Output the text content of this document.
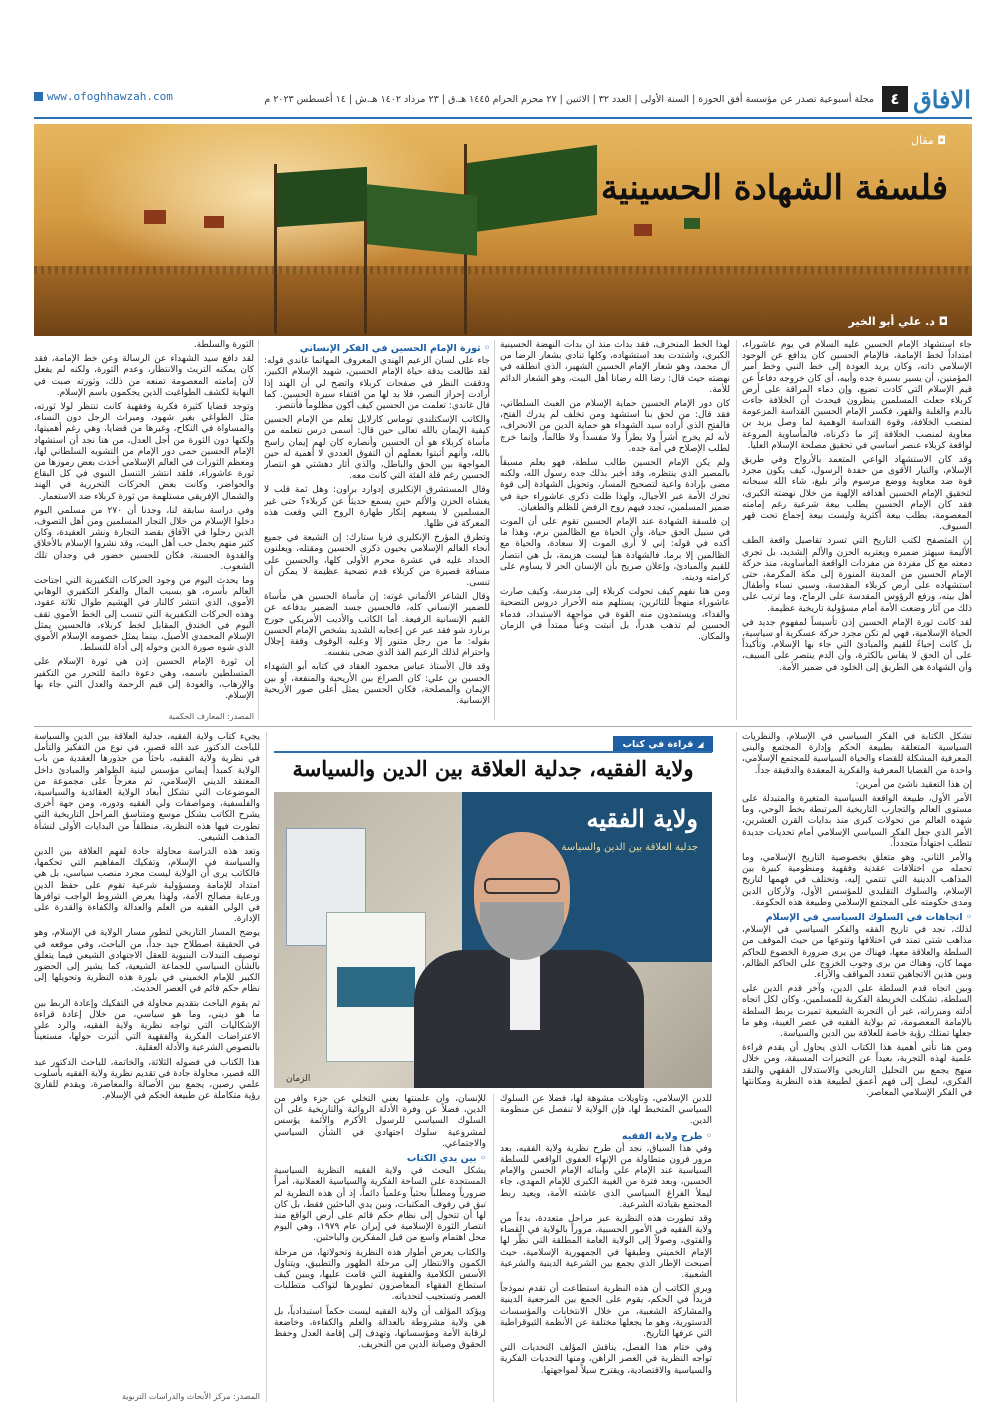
الافاق
٤
مجلة أسبوعية تصدر عن مؤسسة أفق الحوزة | السنة الأولى | العدد ٣٢ | الاثنين | ٢٧ محرم الحرام ١٤٤٥ هـ.ق | ٢٣ مرداد ١٤٠٢ هـ.ش | ١٤ أغسطس ٢٠٢٣ م
www.ofoghhawzah.com
◘ مقال
فلسفة الشهادة الحسينية
◘ د. علي أبو الخير

جاء استشهاد الإمام الحسين عليه السلام في يوم عاشوراء، امتداداً لخط الإمامة، فالإمام الحسين كان يدافع عن الوجود الإسلامي ذاته، وكان يريد العودة إلى خط النبي وخط أمير المؤمنين، أن يسير بسيرة جده وأبيه، أي كان خروجه دفاعاً عن قيم الإسلام التي كادت تضيع، وإن دماء المراقة على أرض كربلاء جعلت المسلمين ينظرون فيحدث أن الخلافة جاءت بالدم والغلبة والقهر، فكسر الإمام الحسين القداسة المزعومة لمنصب الخلافة، وقوة القداسة الوهمية لما وصل يزيد بن معاوية لمنصب الخلافة إثر ما ذكرناه، فالمأساوية المروعة لواقعة كربلاء عنصر أساسي في تحقيق مصلحة الإسلام العليا.

وقد كان الاستشهاد الواعي المتعمد بالأرواح وفي طريق الإسلام، والتيار الأقوى من حفدة الرسول، كيف يكون مجرد قوة ضد معاوية ووضع مرسوم وأثر بليغ، شاء الله سبحانه لتحقيق الإمام الحسين أهدافه الإلهية من خلال نهضته الكبرى، فقد كان الإمام الحسين يطلب بيعة شرعية رغم إمامته المعصومة، بطلب بيعة أكثرية وليست بيعة إجماع تحت قهر السيوف.

إن المتصفح لكتب التاريخ التي تسرد تفاصيل واقعة الطف الأليمة سيهتز ضميره ويعتريه الحزن والألم الشديد، بل تجري دمعته مع كل مفردة من مفردات الواقعة المأساوية، منذ حركة الإمام الحسين من المدينة المنورة إلى مكة المكرمة، حتى استشهاده على أرض كربلاء المقدسة، وسبي نساء وأطفال أهل بيته، ورفع الرؤوس المقدسة على الرماح، وما ترتب على ذلك من آثار وضعت الأمة أمام مسؤولية تاريخية عظيمة.

لقد كانت ثورة الإمام الحسين إذن تأسيساً لمفهوم جديد في الحياة الإسلامية، فهي لم تكن مجرد حركة عسكرية أو سياسية، بل كانت إحياءً للقيم والمبادئ التي جاء بها الإسلام، وتأكيداً على أن الحق لا يقاس بالكثرة، وأن الدم ينتصر على السيف، وأن الشهادة هي الطريق إلى الخلود في ضمير الأمة.

لهذا الخط المنحرف، فقد بدأت منذ أن بدأت النهضة الحسينية الكبرى، واشتدت بعد استشهاده، وكلها تنادي بشعار الرضا من آل محمد، وهو شعار الإمام الحسين الشهير، الذي انطلقه في نهضته حيث قال: رضا الله رضانا أهل البيت، وهو الشعار الدائم للأمة.

كان دور الإمام الحسين حماية الإسلام من العبث السلطاني، فقد قال: من لحق بنا استشهد ومن تخلف لم يدرك الفتح، فالفتح الذي أراده سيد الشهداء هو حماية الدين من الانحراف، لأنه لم يخرج أشراً ولا بطراً ولا مفسداً ولا ظالماً، وإنما خرج لطلب الإصلاح في أمة جده.

ولم يكن الإمام الحسين طالب سلطة، فهو يعلم مسبقاً بالمصير الذي ينتظره، وقد أخبر بذلك جده رسول الله، ولكنه مضى بإرادة واعية لتصحيح المسار، وتحويل الشهادة إلى قوة تحرك الأمة عبر الأجيال، ولهذا ظلت ذكرى عاشوراء حية في ضمير المسلمين، تجدد فيهم روح الرفض للظلم والطغيان.

إن فلسفة الشهادة عند الإمام الحسين تقوم على أن الموت في سبيل الحق حياة، وأن الحياة مع الظالمين برم، وهذا ما أكده في قوله: إني لا أرى الموت إلا سعادة، والحياة مع الظالمين إلا برما، فالشهادة هنا ليست هزيمة، بل هي انتصار للقيم والمبادئ، وإعلان صريح بأن الإنسان الحر لا يساوم على كرامته ودينه.

ومن هنا نفهم كيف تحولت كربلاء إلى مدرسة، وكيف صارت عاشوراء منهجاً للثائرين، يستلهم منه الأحرار دروس التضحية والفداء، ويستمدون منه القوة في مواجهة الاستبداد، فدماء الحسين لم تذهب هدراً، بل أنبتت وعياً ممتداً في الزمان والمكان.

◦ ثورة الإمام الحسين في الفكر الإنساني

جاء على لسان الزعيم الهندي المعروف المهاتما غاندي قوله: لقد طالعت بدقة حياة الإمام الحسين، شهيد الإسلام الكبير، ودققت النظر في صفحات كربلاء واتضح لي أن الهند إذا أرادت إحراز النصر، فلا بد لها من اقتفاء سيرة الحسين. كما قال غاندي: تعلمت من الحسين كيف أكون مظلوماً فأنتصر.

والكاتب الإسكتلندي توماس كارلايل تعلم من الإمام الحسين كيفية الإيمان بالله تعالى حين قال: أسمى درس نتعلمه من مأساة كربلاء هو أن الحسين وأنصاره كان لهم إيمان راسخ بالله، وأنهم أثبتوا بعملهم أن التفوق العددي لا أهمية له حين المواجهة بين الحق والباطل، والذي أثار دهشتي هو انتصار الحسين رغم قلة الفئة التي كانت معه.

وقال المستشرق الإنكليزي إدوارد براون: وهل ثمة قلب لا يغشاه الحزن والألم حين يسمع حديثاً عن كربلاء؟ حتى غير المسلمين لا يسعهم إنكار طهارة الروح التي وقعت هذه المعركة في ظلها.

وتطرق المؤرخ الإنكليزي فريا ستارك: إن الشيعة في جميع أنحاء العالم الإسلامي يحيون ذكرى الحسين ومقتله، ويعلنون الحداد عليه في عشرة محرم الأولى كلها، والحسين على مسافة قصيرة من كربلاء قدم تضحية عظيمة لا يمكن أن تنسى.

وقال الشاعر الألماني غوته: إن مأساة الحسين هي مأساة للضمير الإنساني كله، فالحسين جسد الضمير بدفاعه عن القيم الإنسانية الرفيعة. أما الكاتب والأديب الأمريكي جورج برنارد شو فقد عبر عن إعجابه الشديد بشخص الإمام الحسين بقوله: ما من رجل متنور إلا وعليه الوقوف وقفة إجلال واحترام لذلك الزعيم الفذ الذي ضحى بنفسه.

وقد قال الأستاذ عباس محمود العقاد في كتابه أبو الشهداء الحسين بن علي: كان الصراع بين الأريحية والمنفعة، أو بين الإيمان والمصلحة، فكان الحسين يمثل أعلى صور الأريحية الإنسانية.

الثورة والسلطة.

لقد دافع سيد الشهداء عن الرسالة وعن خط الإمامة، فقد كان يمكنه التريث والانتظار، وعدم الثورة، ولكنه لم يفعل لأن إمامته المعصومة تمنعه من ذلك، وثورته صبت في النهاية لكشف الطواغيت الذين يحكمون باسم الإسلام.

وتوجد قضايا كثيرة فكرية وفقهية كانت تنتظر لولا ثورته، مثل الطواغي بغير شهود، وميراث الرجل دون النساء، والمساواة في النكاح، وغيرها من قضايا، وهي رغم أهميتها، ولكنها دون الثورة من أجل العدل، من هنا نجد أن استشهاد الإمام الحسين حمى دور الإمام من التشويه السلطاني لها، ومعظم الثورات في العالم الإسلامي أخذت بعض رموزها من ثورة عاشوراء، فلقد انتشر التنسل النبوي في كل البقاع والحواضر، وكانت بعض الحركات التحررية في الهند والشمال الإفريقي مستلهمة من ثورة كربلاء ضد الاستعمار.

وفي دراسة سابقة لنا، وجدنا أن ٢٧٠ من مسلمي اليوم دخلوا الإسلام من خلال التجار المسلمين ومن أهل التصوف، الذين رحلوا في الآفاق بقصد التجارة ونشر العقيدة، وكان كثير منهم يحمل حب أهل البيت، وقد نشروا الإسلام بالأخلاق والقدوة الحسنة، فكان للحسين حضور في وجدان تلك الشعوب.

وما يحدث اليوم من وجود الحركات التكفيرية التي اجتاحت العالم بأسره، هو بسبب المال والفكر التكفيري الوهابي الأموي، الذي انتشر كالنار في الهشيم طوال ثلاثة عقود، وهذه الحركات التكفيرية التي تنسب إلى الخط الأموي تقف اليوم في الخندق المقابل لخط كربلاء، فالحسين يمثل الإسلام المحمدي الأصيل، بينما يمثل خصومه الإسلام الأموي الذي شوه صورة الدين وحوله إلى أداة للتسلط.

إن ثورة الإمام الحسين إذن هي ثورة الإسلام على المتسلطين باسمه، وهي دعوة دائمة للتحرر من التكفير والإرهاب، والعودة إلى قيم الرحمة والعدل التي جاء بها الإسلام.

المصدر: المعارف الحكمية

تشكل الكتابة في الفكر السياسي في الإسلام، والنظريات السياسية المتعلقة بطبيعة الحكم وإدارة المجتمع والبنى المعرفية المشكلة للقضاء والحياة السياسية للمجتمع الإسلامي، واحدة من القضايا المعرفية والفكرية المعقدة والدقيقة جداً.

إن هذا التعقيد ناشئ من أمرين:

الأمر الأول، طبيعة الواقعة السياسية المتغيرة والمتبدلة على مستوى العالم والتجارب التاريخية المرتبطة بخط الوحي، وما شهده العالم من تحولات كبرى منذ بدايات القرن العشرين، الأمر الذي جعل الفكر السياسي الإسلامي أمام تحديات جديدة تتطلب اجتهاداً متجدداً.

والأمر الثاني، وهو متعلق بخصوصية التاريخ الإسلامي، وما تحمله من اختلافات عقدية وفقهية ومنظومية كبيرة بين المذاهب الدينية التي تنتمي إليه، وتختلف في فهمها لتاريخ الإسلام، والسلوك التقليدي للمؤسس الأول، ولأركان الدين ومدى حكومته على المجتمع الإسلامي وطبيعة هذه الحكومة.

◦ اتجاهات في السلوك السياسي في الإسلام

لذلك، نجد في تاريخ الفقه والفكر السياسي في الإسلام، مذاهب شتى تمتد في اختلافها وتنوعها من حيث الموقف من السلطة والعلاقة معها، فهناك من يرى ضرورة الخضوع للحاكم مهما كان، وهناك من يرى وجوب الخروج على الحاكم الظالم، وبين هذين الاتجاهين تتعدد المواقف والآراء.

وبين اتجاه قدم السلطة على الدين، وآخر قدم الدين على السلطة، تشكلت الخريطة الفكرية للمسلمين، وكان لكل اتجاه أدلته ومبرراته، غير أن التجربة الشيعية تميزت بربط السلطة بالإمامة المعصومة، ثم بولاية الفقيه في عصر الغيبة، وهو ما جعلها تمتلك رؤية خاصة للعلاقة بين الدين والسياسة.

ومن هنا تأتي أهمية هذا الكتاب الذي يحاول أن يقدم قراءة علمية لهذه التجربة، بعيداً عن التحيزات المسبقة، ومن خلال منهج يجمع بين التحليل التاريخي والاستدلال الفقهي والنقد الفكري، ليصل إلى فهم أعمق لطبيعة هذه النظرية ومكانتها في الفكر الإسلامي المعاصر.

◢
قراءة في كتاب
ولاية الفقيه، جدلية العلاقة بين الدين والسياسة
ولاية الفقيه
جدلية العلاقة بين الدين والسياسة
الزمان

للدين الإسلامي، وتأويلات مشوهة لها، فضلاً عن السلوك السياسي المتخبط لها، فإن الولاية لا تنفصل عن منظومة الدين.

◦ طرح ولاية الفقيه

وفي هذا السياق، نجد أن طرح نظرية ولاية الفقيه، بعد مرور قرون متطاولة من الإنهاء العفوي الواقعي للسلطة السياسية عند الإمام علي وأبنائه الإمام الحسن والإمام الحسين، وبعد فترة من الغيبة الكبرى للإمام المهدي، جاء ليملأ الفراغ السياسي الذي عاشته الأمة، ويعيد ربط المجتمع بقيادته الشرعية.

وقد تطورت هذه النظرية عبر مراحل متعددة، بدءاً من ولاية الفقيه في الأمور الحسبية، مروراً بالولاية في القضاء والفتوى، وصولاً إلى الولاية العامة المطلقة التي نظّر لها الإمام الخميني وطبقها في الجمهورية الإسلامية، حيث أصبحت الإطار الذي يجمع بين الشرعية الدينية والشرعية الشعبية.

ويرى الكاتب أن هذه النظرية استطاعت أن تقدم نموذجاً فريداً في الحكم، يقوم على الجمع بين المرجعية الدينية والمشاركة الشعبية، من خلال الانتخابات والمؤسسات الدستورية، وهو ما يجعلها مختلفة عن الأنظمة الثيوقراطية التي عرفها التاريخ.

وفي ختام هذا الفصل، يناقش المؤلف التحديات التي تواجه النظرية في العصر الراهن، ومنها التحديات الفكرية والسياسية والاقتصادية، ويقترح سبلاً لمواجهتها.

للإنسان، وأن علمنتها يعني التخلي عن جزء وافر من الدين، فضلاً عن وفرة الأدلة الروائية والتاريخية على أن السلوك السياسي للرسول الأكرم والأئمة يؤسس لمشروعية سلوك اجتهادي في الشأن السياسي والاجتماعي.

◦ بين يدي الكتاب

يشكل البحث في ولاية الفقيه النظرية السياسية المستجدة على الساحة الفكرية والسياسية العملانية، أمراً ضرورياً ومطلباً بحثياً وعلمياً دائماً، إذ أن هذه النظرية لم تبق في رفوف المكتبات، وبين يدي الباحثين فقط، بل كان لها أن تتحول إلى نظام حكم قائم على أرض الواقع منذ انتصار الثورة الإسلامية في إيران عام ١٩٧٩، وهي اليوم محل اهتمام واسع من قبل المفكرين والباحثين.

والكتاب يعرض أطوار هذه النظرية وتحولاتها، من مرحلة الكمون والانتظار إلى مرحلة الظهور والتطبيق، ويتناول الأسس الكلامية والفقهية التي قامت عليها، ويبين كيف استطاع الفقهاء المعاصرون تطويرها لتواكب متطلبات العصر وتستجيب لتحدياته.

ويؤكد المؤلف أن ولاية الفقيه ليست حكماً استبدادياً، بل هي ولاية مشروطة بالعدالة والعلم والكفاءة، وخاضعة لرقابة الأمة ومؤسساتها، وتهدف إلى إقامة العدل وحفظ الحقوق وصيانة الدين من التحريف.

يجيء كتاب ولاية الفقيه، جدلية العلاقة بين الدين والسياسة للباحث الدكتور عبد الله قصير، في نوع من التفكير والتأمل في نظرية ولاية الفقيه، باحثاً من جذورها العقدية من باب الولاية كمبدأ إيماني مؤسس لبنية الظواهر والمبادئ داخل المعتقد الديني الإسلامي، ثم معرجاً على مجموعة من الموضوعات التي تشكل أبعاد الولاية العقائدية والسياسية، والفلسفية، ومواصفات ولي الفقيه ودوره، ومن جهة أخرى يشرح الكاتب بشكل موسع ومتناسق المراحل التاريخية التي تطورت فيها هذه النظرية، منطلقاً من البدايات الأولى لنشأة المذهب الشيعي.

وتعد هذه الدراسة محاولة جادة لفهم العلاقة بين الدين والسياسة في الإسلام، وتفكيك المفاهيم التي تحكمها، فالكاتب يرى أن الولاية ليست مجرد منصب سياسي، بل هي امتداد للإمامة ومسؤولية شرعية تقوم على حفظ الدين ورعاية مصالح الأمة، ولهذا يعرض الشروط الواجب توافرها في الولي الفقيه من العلم والعدالة والكفاءة والقدرة على الإدارة.

يوضح المسار التاريخي لتطور مسار الولاية في الإسلام، وهو في الحقيقة اصطلاح جيد جداً، من الباحث، وفي موقعه في توصيف التبدلات البنيوية للعقل الاجتهادي الشيعي فيما يتعلق بالشأن السياسي للجماعة الشيعية، كما يشير إلى الحضور الكبير للإمام الخميني في بلورة هذه النظرية وتحويلها إلى نظام حكم قائم في العصر الحديث.

ثم يقوم الباحث بتقديم محاولة في التفكيك وإعادة الربط بين ما هو ديني، وما هو سياسي، من خلال إعادة قراءة الإشكاليات التي تواجه نظرية ولاية الفقيه، والرد على الاعتراضات الفكرية والفقهية التي أثيرت حولها، مستعيناً بالنصوص الشرعية والأدلة العقلية.

هذا الكتاب في فصوله الثلاثة، والخاتمة، للباحث الدكتور عبد الله قصير، محاولة جادة في تقديم نظرية ولاية الفقيه بأسلوب علمي رصين، يجمع بين الأصالة والمعاصرة، ويقدم للقارئ رؤية متكاملة عن طبيعة الحكم في الإسلام.

المصدر: مركز الأبحاث والدراسات التربوية
